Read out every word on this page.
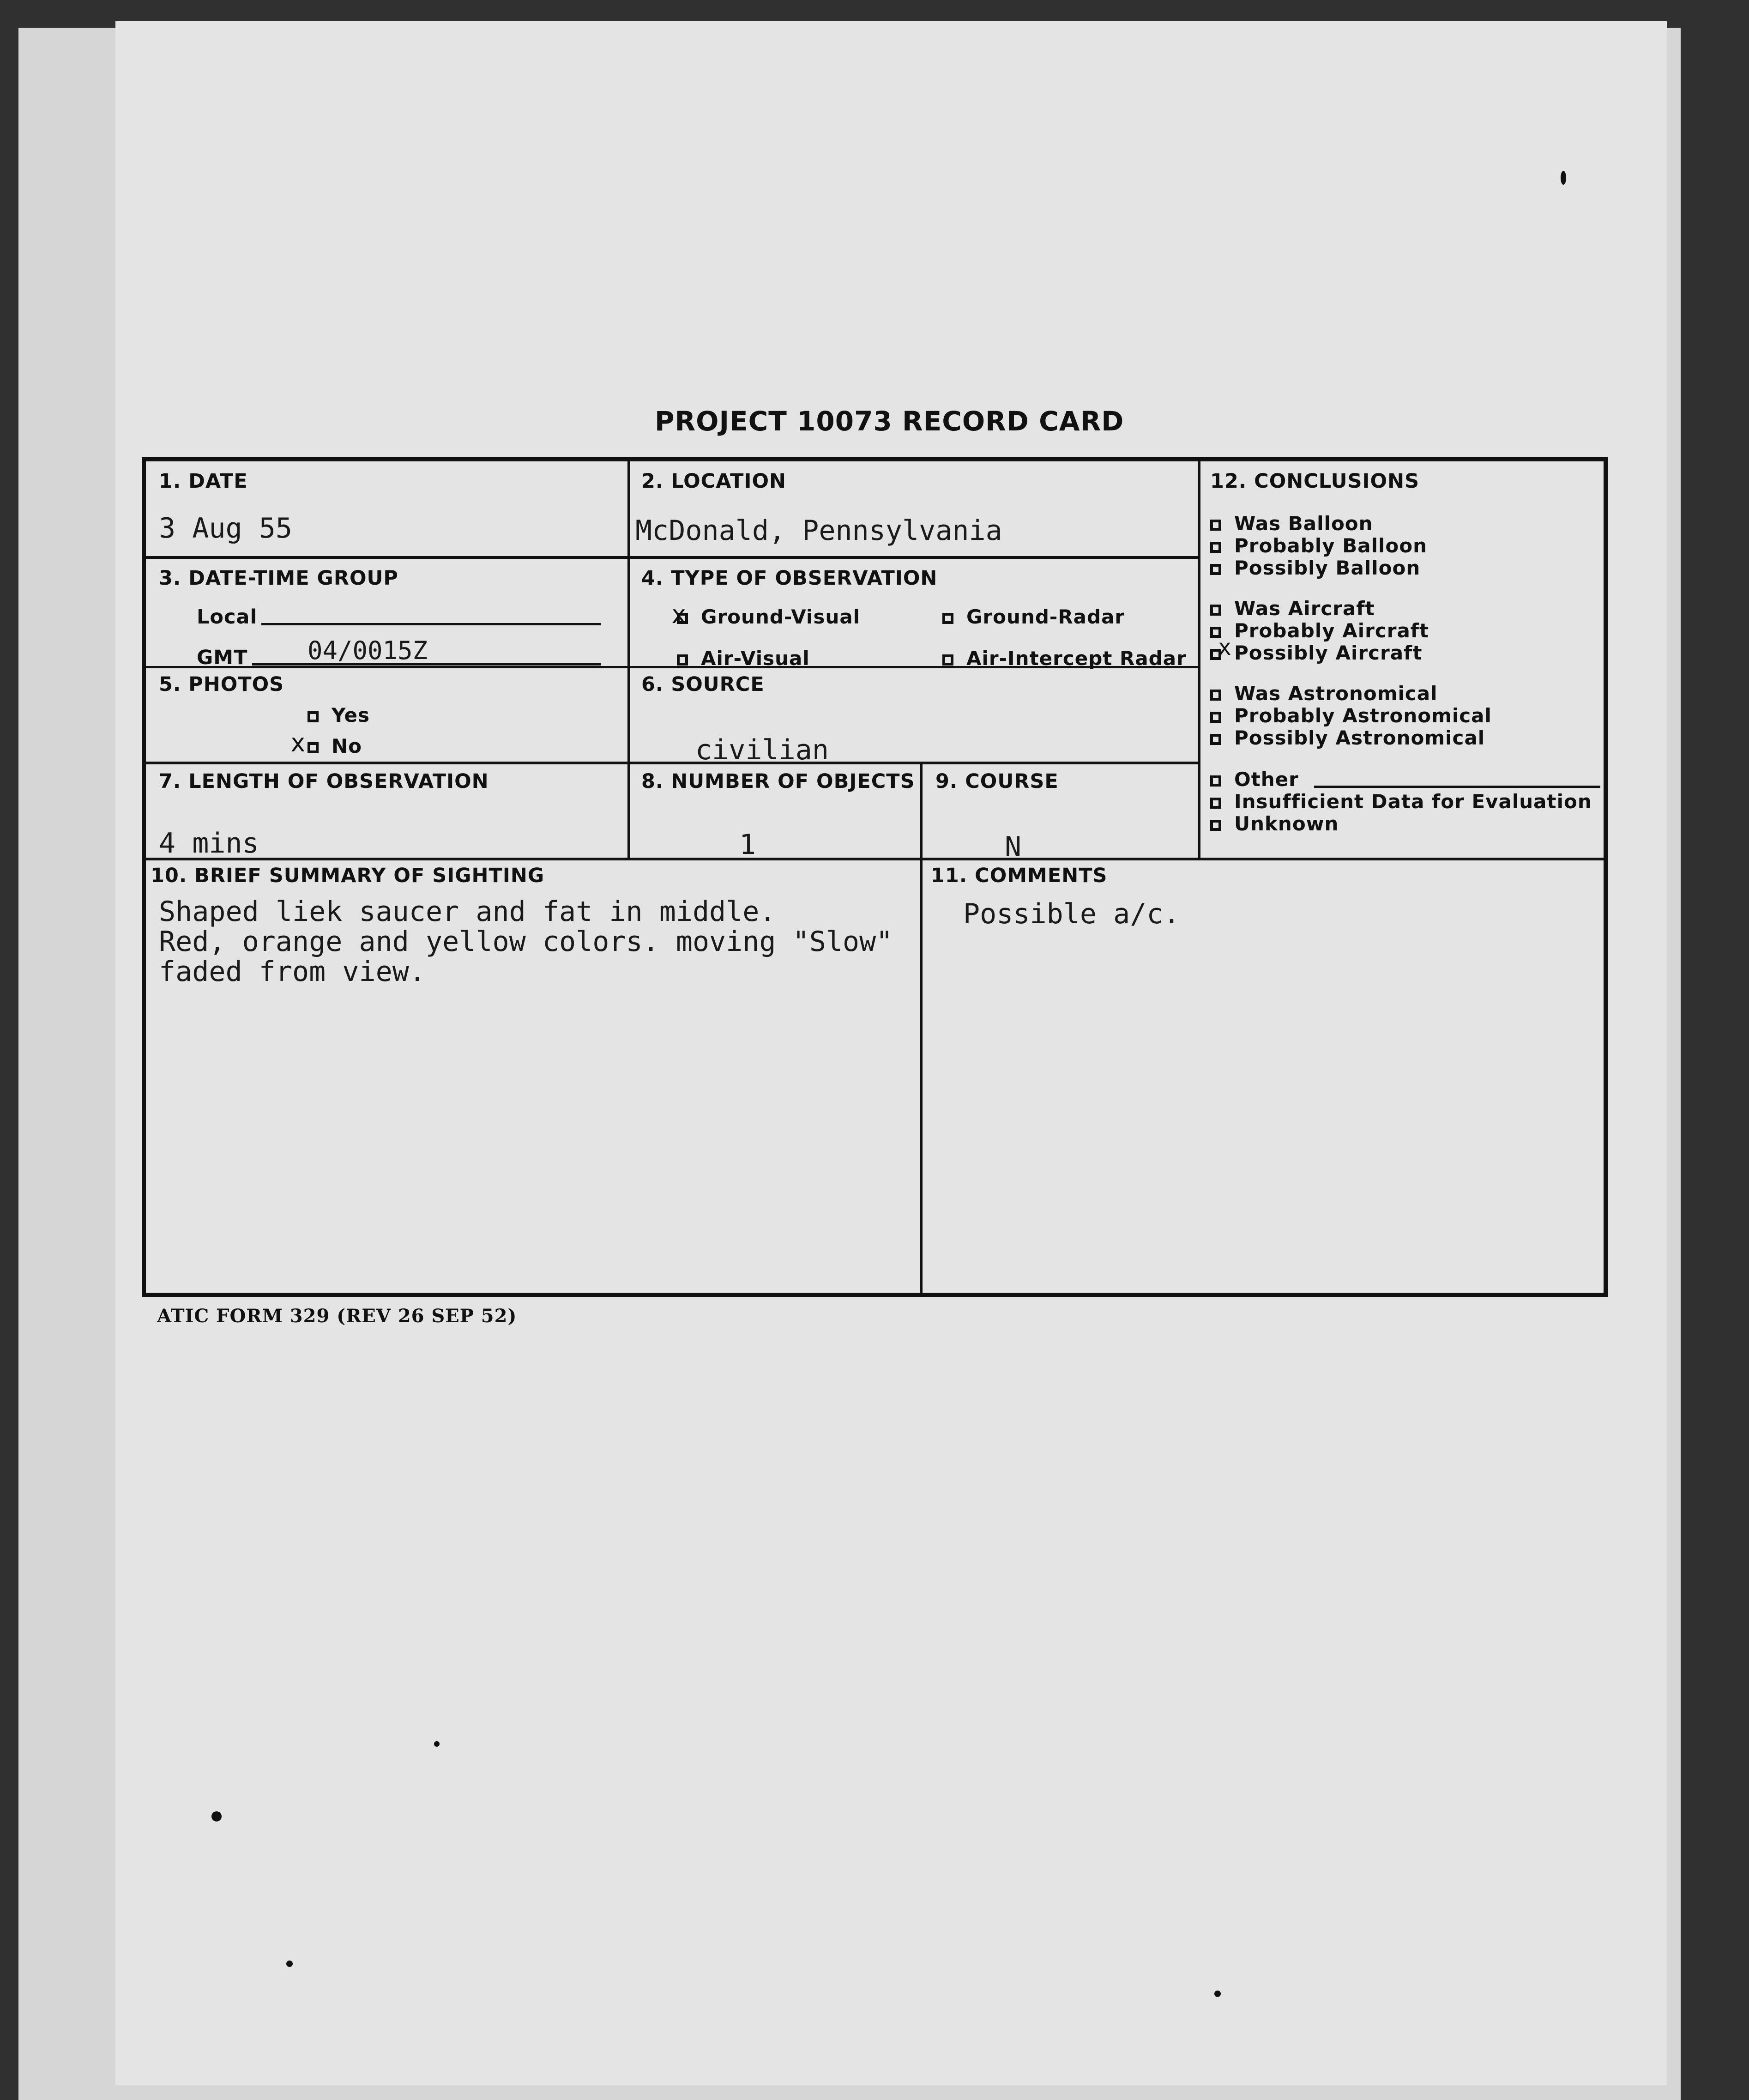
PROJECT 10073 RECORD CARD
1. DATE
3 Aug 55
2. LOCATION
McDonald, Pennsylvania
3. DATE-TIME GROUP
Local
GMT 04/0015Z
4. TYPE OF OBSERVATION
Ground-Visual
x	Ground-Radar
Air-Visual	Air-Intercept Radar
5. PHOTOS
Yes
No
x
6. SOURCE
civilian
7. LENGTH OF OBSERVATION
4 mins
8. NUMBER OF OBJECTS
1
9. COURSE
N
10. BRIEF SUMMARY OF SIGHTING
Shaped liek saucer and fat in middle.
Red, orange and yellow colors. moving "Slow"
faded from view.
11. COMMENTS
Possible a/c.
12. CONCLUSIONS
Was Balloon
Probably Balloon
Possibly Balloon
Was Aircraft
Probably Aircraft
Possibly Aircraft
x
Was Astronomical
Probably Astronomical
Possibly Astronomical
Other
Insufficient Data for Evaluation
Unknown
ATIC FORM 329 (REV 26 SEP 52)
